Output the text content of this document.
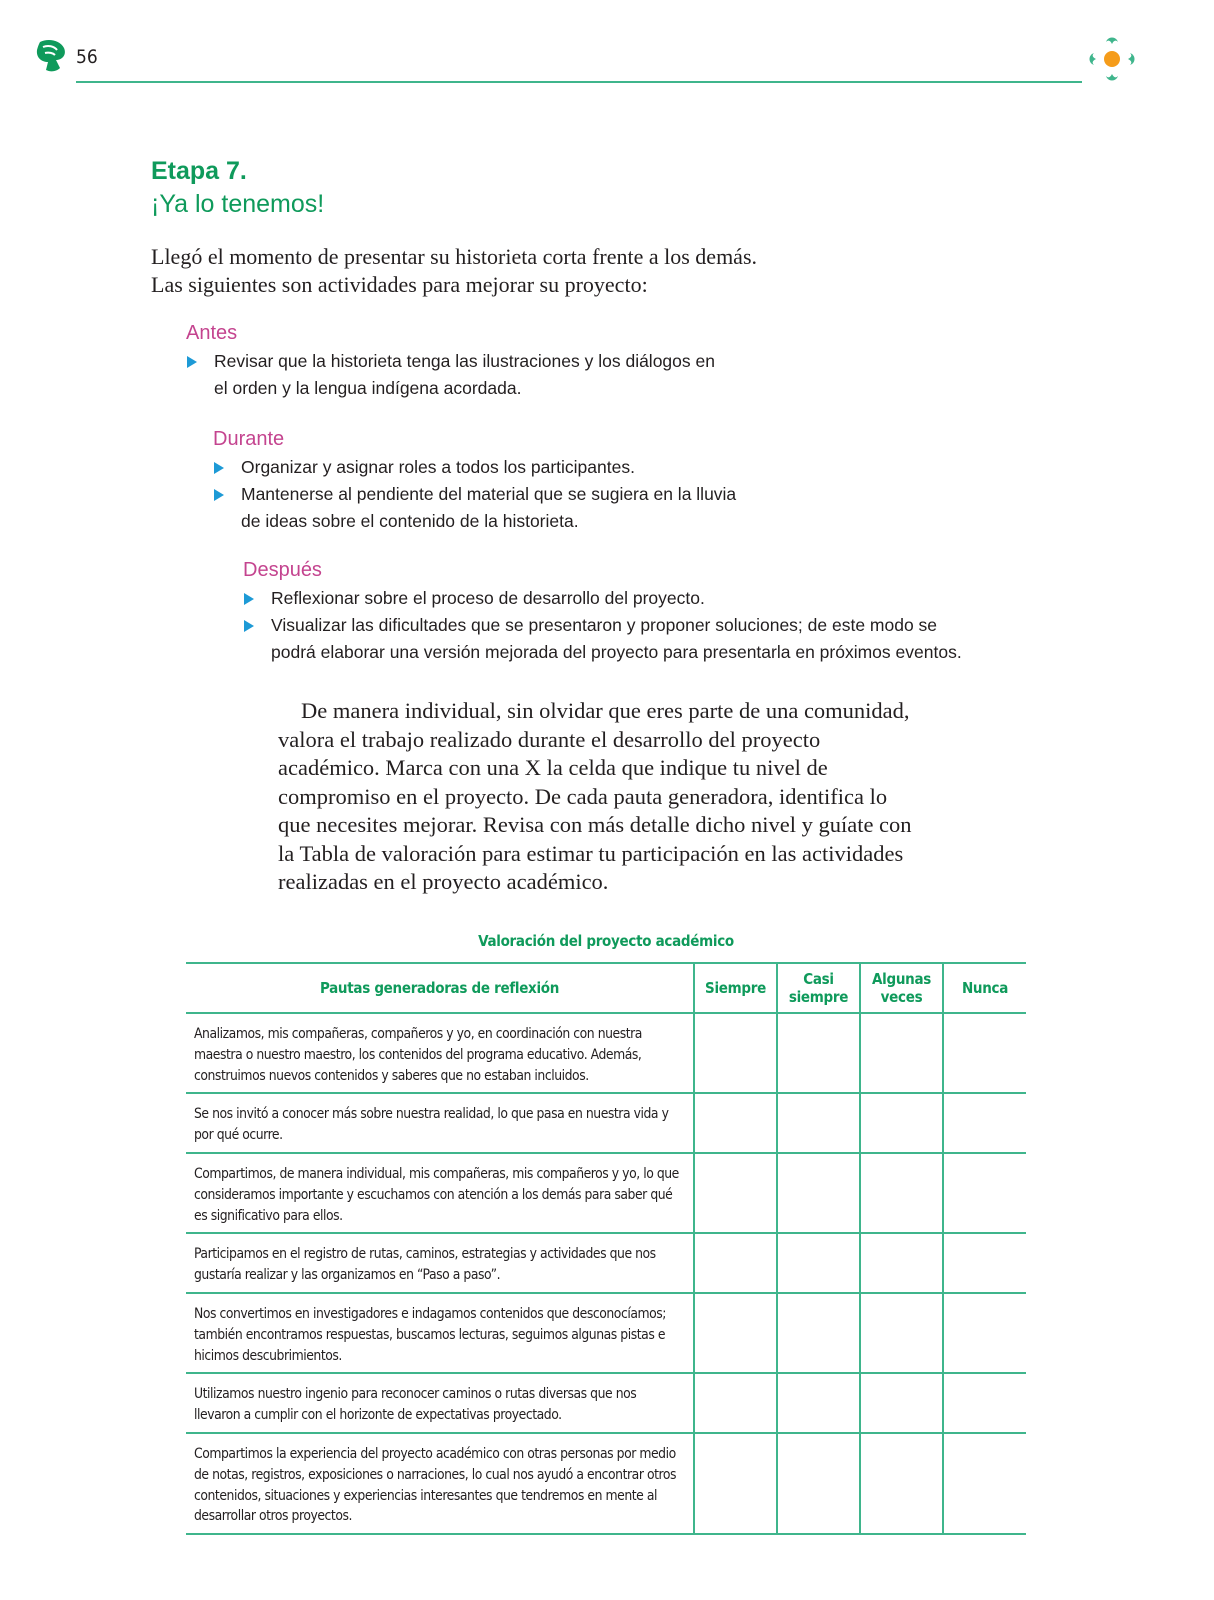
56
Etapa 7.
¡Ya lo tenemos!
Llegó el momento de presentar su historieta corta frente a los demás. Las siguientes son actividades para mejorar su proyecto:
Antes
Revisar que la historieta tenga las ilustraciones y los diálogos en el orden y la lengua indígena acordada.
Durante
Organizar y asignar roles a todos los participantes.
Mantenerse al pendiente del material que se sugiera en la lluvia de ideas sobre el contenido de la historieta.
Después
Reflexionar sobre el proceso de desarrollo del proyecto.
Visualizar las dificultades que se presentaron y proponer soluciones; de este modo se podrá elaborar una versión mejorada del proyecto para presentarla en próximos eventos.
De manera individual, sin olvidar que eres parte de una comunidad, valora el trabajo realizado durante el desarrollo del proyecto académico. Marca con una X la celda que indique tu nivel de compromiso en el proyecto. De cada pauta generadora, identifica lo que necesites mejorar. Revisa con más detalle dicho nivel y guíate con la Tabla de valoración para estimar tu participación en las actividades realizadas en el proyecto académico.
Valoración del proyecto académico
Pautas generadoras de reflexión	Siempre	Casi siempre	Algunas veces	Nunca
Analizamos, mis compañeras, compañeros y yo, en coordinación con nuestra maestra o nuestro maestro, los contenidos del programa educativo. Además, construimos nuevos contenidos y saberes que no estaban incluidos.				
Se nos invitó a conocer más sobre nuestra realidad, lo que pasa en nuestra vida y por qué ocurre.				
Compartimos, de manera individual, mis compañeras, mis compañeros y yo, lo que consideramos importante y escuchamos con atención a los demás para saber qué es significativo para ellos.				
Participamos en el registro de rutas, caminos, estrategias y actividades que nos gustaría realizar y las organizamos en “Paso a paso”.				
Nos convertimos en investigadores e indagamos contenidos que desconocíamos; también encontramos respuestas, buscamos lecturas, seguimos algunas pistas e hicimos descubrimientos.				
Utilizamos nuestro ingenio para reconocer caminos o rutas diversas que nos llevaron a cumplir con el horizonte de expectativas proyectado.				
Compartimos la experiencia del proyecto académico con otras personas por medio de notas, registros, exposiciones o narraciones, lo cual nos ayudó a encontrar otros contenidos, situaciones y experiencias interesantes que tendremos en mente al desarrollar otros proyectos.				
